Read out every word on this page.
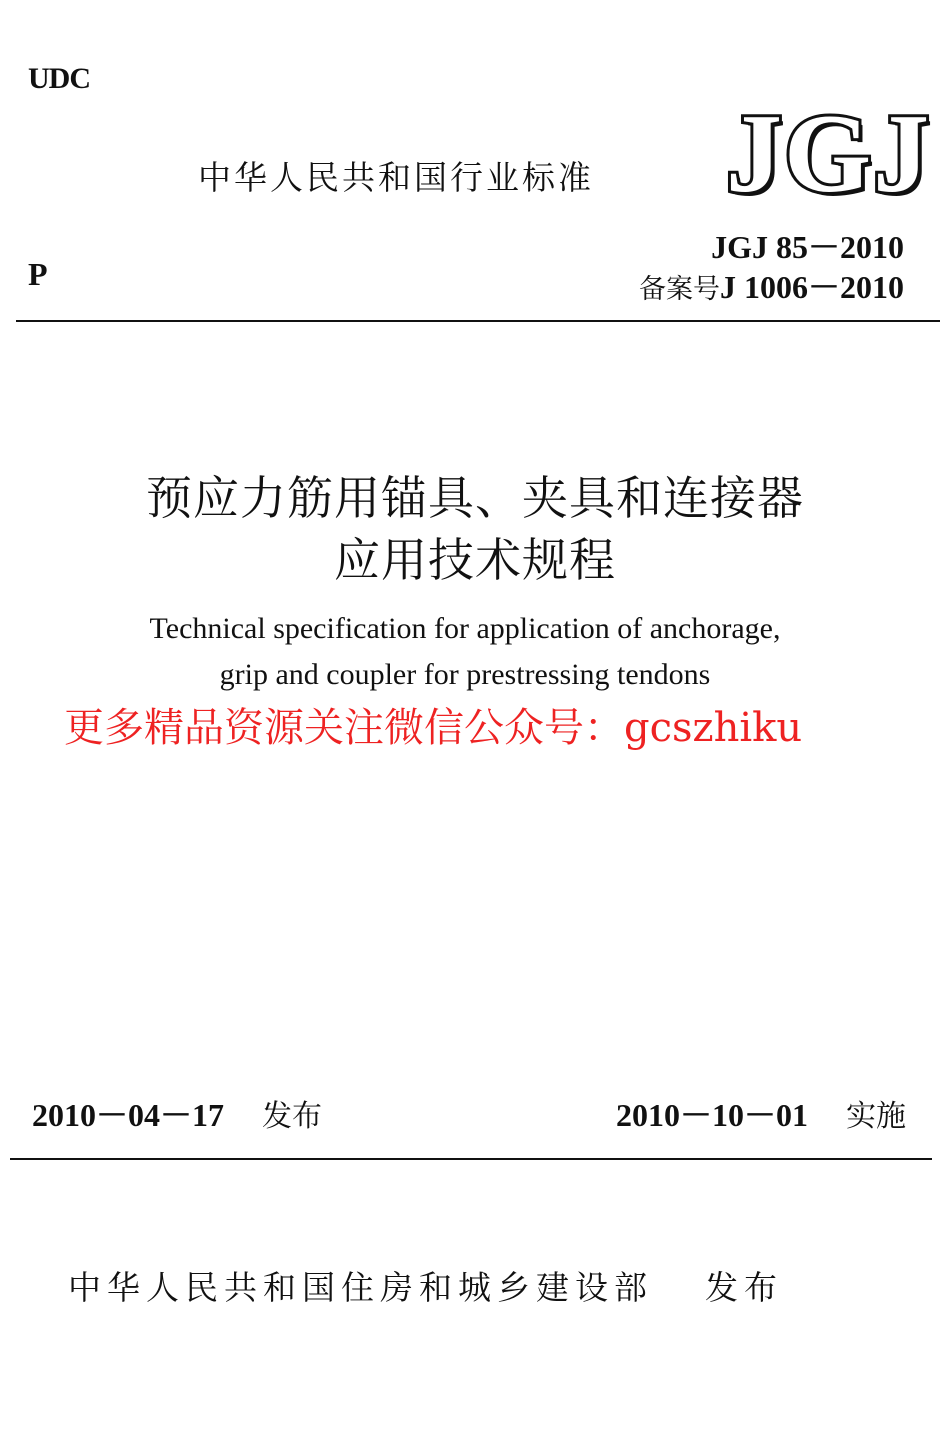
UDC
中华人民共和国行业标准 JGJ
JGJ 85－2010
备案号J 1006－2010
P
预应力筋用锚具、夹具和连接器
应用技术规程
Technical specification for application of anchorage,
grip and coupler for prestressing tendons
更多精品资源关注微信公众号：gcszhiku
2010－04－17 发布	2010－10－01 实施
中华人民共和国住房和城乡建设部 发布
